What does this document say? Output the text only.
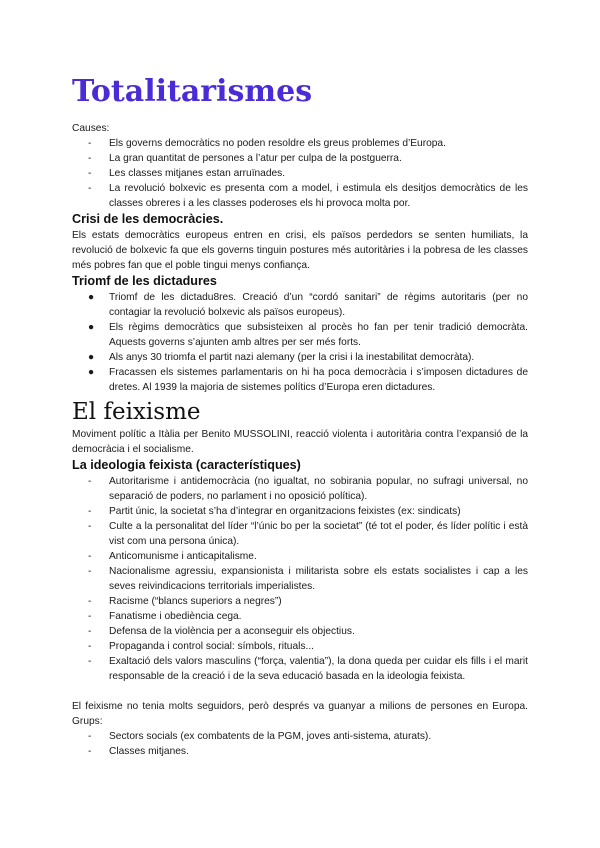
Totalitarismes

Causes:

-	Els governs democràtics no poden resoldre els greus problemes d’Europa.
-	La gran quantitat de persones a l’atur per culpa de la postguerra.
-	Les classes mitjanes estan arruïnades.
-	La revolució bolxevic es presenta com a model, i estimula els desitjos democràtics de les classes obreres i a les classes poderoses els hi provoca molta por.
Crisi de les democràcies.

Els estats democràtics europeus entren en crisi, els països perdedors se senten humiliats, la revolució de bolxevic fa que els governs tinguin postures més autoritàries i la pobresa de les classes més pobres fan que el poble tingui menys confiança.

Triomf de les dictadures
●	Triomf de les dictadu8res. Creació d’un “cordó sanitari” de règims autoritaris (per no contagiar la revolució bolxevic als països europeus).
●	Els règims democràtics que subsisteixen al procès ho fan per tenir tradició democràta. Aquests governs s’ajunten amb altres per ser més forts.
●	Als anys 30 triomfa el partit nazi alemany (per la crisi i la inestabilitat democràta).
●	Fracassen els sistemes parlamentaris on hi ha poca democràcia i s’imposen dictadures de dretes. Al 1939 la majoria de sistemes polítics d’Europa eren dictadures.
El feixisme

Moviment polític a Itàlia per Benito MUSSOLINI, reacció violenta i autoritària contra l’expansió de la democràcia i el socialisme.

La ideologia feixista (característiques)
-	Autoritarisme i antidemocràcia (no igualtat, no sobirania popular, no sufragi universal, no separació de poders, no parlament i no oposició política).
-	Partit únic, la societat s’ha d’integrar en organitzacions feixistes (ex: sindicats)
-	Culte a la personalitat del líder “l’únic bo per la societat” (té tot el poder, és líder polític i està vist com una persona única).
-	Anticomunisme i anticapitalisme.
-	Nacionalisme agressiu, expansionista i militarista sobre els estats socialistes i cap a les seves reivindicacions territorials imperialistes.
-	Racisme (“blancs superiors a negres”)
-	Fanatisme i obediència cega.
-	Defensa de la violència per a aconseguir els objectius.
-	Propaganda i control social: símbols, rituals...
-	Exaltació dels valors masculins (“força, valentia”), la dona queda per cuidar els fills i el marit responsable de la creació i de la seva educació basada en la ideologia feixista.

El feixisme no tenia molts seguidors, però després va guanyar a milions de persones en Europa. Grups:

-	Sectors socials (ex combatents de la PGM, joves anti-sistema, aturats).
-	Classes mitjanes.
